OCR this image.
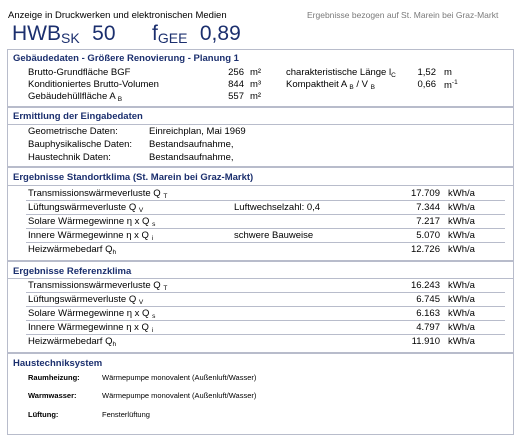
Anzeige in Druckwerken und elektronischen Medien	Ergebnisse bezogen auf St. Marein bei Graz-Markt
$HWB_{SK}$ 50 $f_{GEE}$ 0,89
Gebäudedaten - Größere Renovierung - Planung 1
Brutto-Grundfläche BGF	256 m²
Konditioniertes Brutto-Volumen	844 m³
Gebäudehüllfläche A $_B$	557 m²
charakteristische Länge $l_C$	1,52 m
Kompaktheit A $_B$ / V $_B$	0,66 $m^{-1}$
Ermittlung der Eingabedaten
Geometrische Daten:	Einreichplan, Mai 1969
Bauphysikalische Daten: Bestandsaufnahme,
Haustechnik Daten:	Bestandsaufnahme,
Ergebnisse Standortklima (St. Marein bei Graz-Markt)
Transmissionswärmeverluste Q $_T$	17.709 kWh/a
Lüftungswärmeverluste Q $_V$	Luftwechselzahl: 0,4	7.344 kWh/a
Solare Wärmegewinne η x Q $_s$	7.217 kWh/a
Innere Wärmegewinne η x Q $_i$	schwere Bauweise	5.070 kWh/a
Heizwärmebedarf $Q_h$	12.726 kWh/a
Ergebnisse Referenzklima
Transmissionswärmeverluste Q $_T$	16.243 kWh/a
Lüftungswärmeverluste Q $_V$	6.745 kWh/a
Solare Wärmegewinne η x Q $_s$	6.163 kWh/a
Innere Wärmegewinne η x Q $_i$	4.797 kWh/a
Heizwärmebedarf $Q_h$	11.910 kWh/a
Haustechniksystem
Raumheizung:	Wärmepumpe monovalent (Außenluft/Wasser)
Warmwasser:	Wärmepumpe monovalent (Außenluft/Wasser)
Lüftung:	Fensterlüftung
